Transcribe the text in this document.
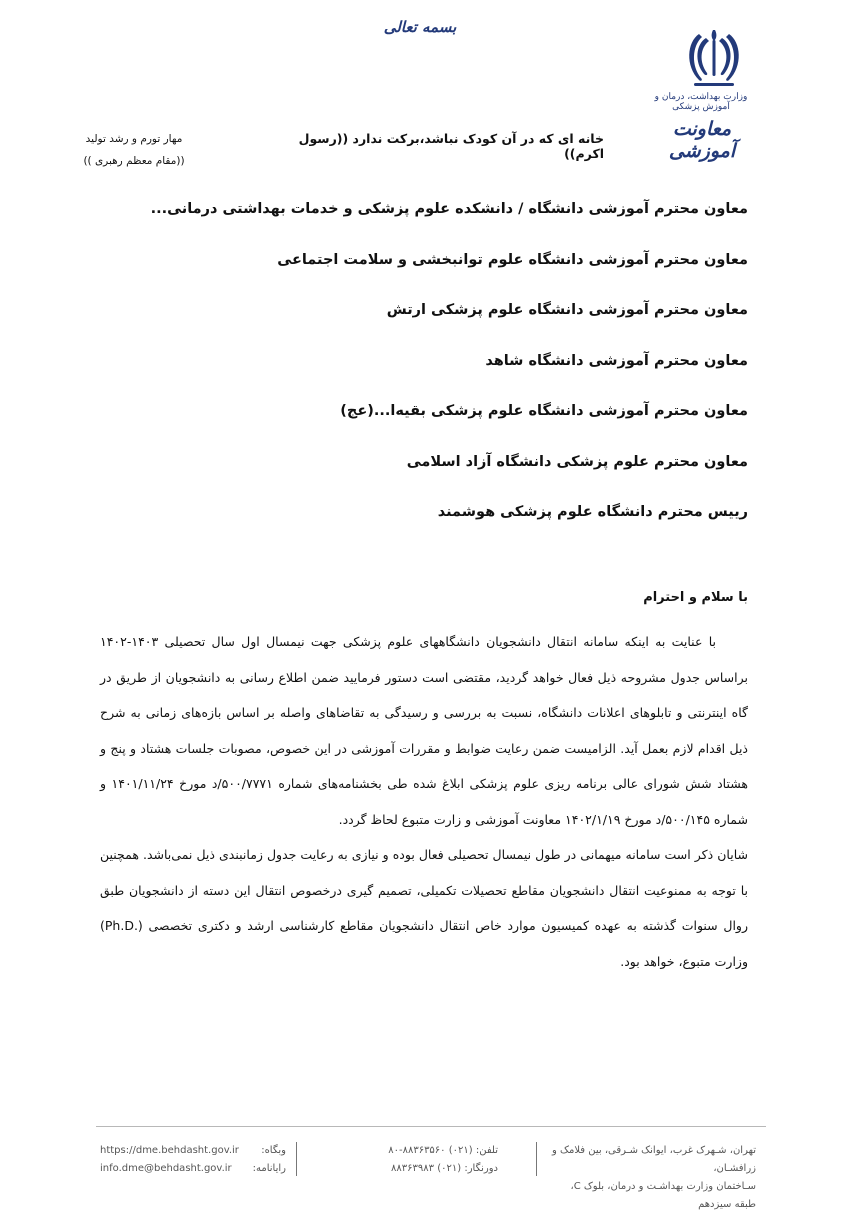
بسمه تعالی
وزارت بهداشت، درمان و آموزش پزشکی
معاونت آموزشی
خانه ای که در آن کودک نباشد،برکت ندارد ((رسول اکرم))
مهار تورم و رشد تولید
((مقام معظم رهبری ))
معاون محترم آموزشی دانشگاه / دانشکده علوم پزشکی و خدمات بهداشتی درمانی...
معاون محترم آموزشی دانشگاه علوم توانبخشی و سلامت اجتماعی
معاون محترم آموزشی دانشگاه علوم پزشکی ارتش
معاون محترم آموزشی دانشگاه شاهد
معاون محترم آموزشی دانشگاه علوم پزشکی بقیه‌ا...(عج)
معاون محترم علوم پزشکی دانشگاه آزاد اسلامی
رییس محترم دانشگاه علوم پزشکی هوشمند
با سلام و احترام

با عنایت به اینکه سامانه انتقال دانشجویان دانشگاههای علوم پزشکی جهت نیمسال اول سال تحصیلی ۱۴۰۳-۱۴۰۲ براساس جدول مشروحه ذیل فعال خواهد گردید، مقتضی است دستور فرمایید ضمن اطلاع رسانی به دانشجویان از طریق در گاه اینترنتی و تابلوهای اعلانات دانشگاه، نسبت به بررسی و رسیدگی به تقاضاهای واصله بر اساس بازه‌های زمانی به شرح ذیل اقدام لازم بعمل آید. الزامیست ضمن رعایت ضوابط و مقررات آموزشی در این خصوص، مصوبات جلسات هشتاد و پنج و هشتاد شش شورای عالی برنامه ریزی علوم پزشکی ابلاغ شده طی بخشنامه‌های شماره ۵۰۰/۷۷۷۱/د مورخ ۱۴۰۱/۱۱/۲۴ و شماره ۵۰۰/۱۴۵/د مورخ ۱۴۰۲/۱/۱۹ معاونت آموزشی و زارت متبوع لحاظ گردد.

شایان ذکر است سامانه میهمانی در طول نیمسال تحصیلی فعال بوده و نیازی به رعایت جدول زمانبندی ذیل نمی‌باشد. همچنین با توجه به ممنوعیت انتقال دانشجویان مقاطع تحصیلات تکمیلی، تصمیم گیری درخصوص انتقال این دسته از دانشجویان طبق روال سنوات گذشته به عهده کمیسیون موارد خاص انتقال دانشجویان مقاطع کارشناسی ارشد و دکتری تخصصی (.Ph.D) وزارت متبوع، خواهد بود.

تهران، شـهرک غرب، ایوانک شـرقی، بین فلامک و زرافشـان،
سـاختمان وزارت بهداشـت و درمان، بلوک C، طبقه سیزدهم
تلفن: (۰۲۱) ۸۸۳۶۳۵۶۰-۸۰
دورنگار: (۰۲۱) ۸۸۳۶۳۹۸۳
https://dme.behdasht.gov.ir وبگاه:
info.dme@behdasht.gov.ir رایانامه:
